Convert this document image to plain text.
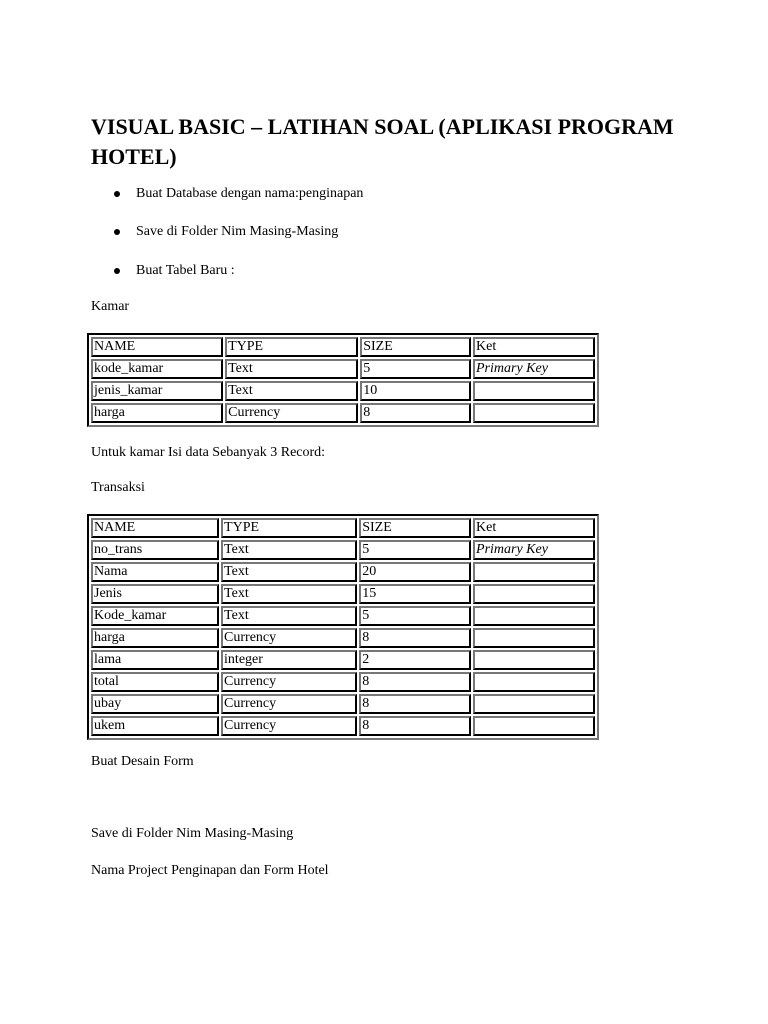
VISUAL BASIC – LATIHAN SOAL (APLIKASI PROGRAM HOTEL)
Buat Database dengan nama:penginapan
Save di Folder Nim Masing-Masing
Buat Tabel Baru :

Kamar

NAME	TYPE	SIZE	Ket
kode_kamar	Text	5	Primary Key
jenis_kamar	Text	10	
harga	Currency	8	

Untuk kamar Isi data Sebanyak 3 Record:

Transaksi

NAME	TYPE	SIZE	Ket
no_trans	Text	5	Primary Key
Nama	Text	20	
Jenis	Text	15	
Kode_kamar	Text	5	
harga	Currency	8	
lama	integer	2	
total	Currency	8	
ubay	Currency	8	
ukem	Currency	8	

Buat Desain Form

Save di Folder Nim Masing-Masing

Nama Project Penginapan dan Form Hotel
